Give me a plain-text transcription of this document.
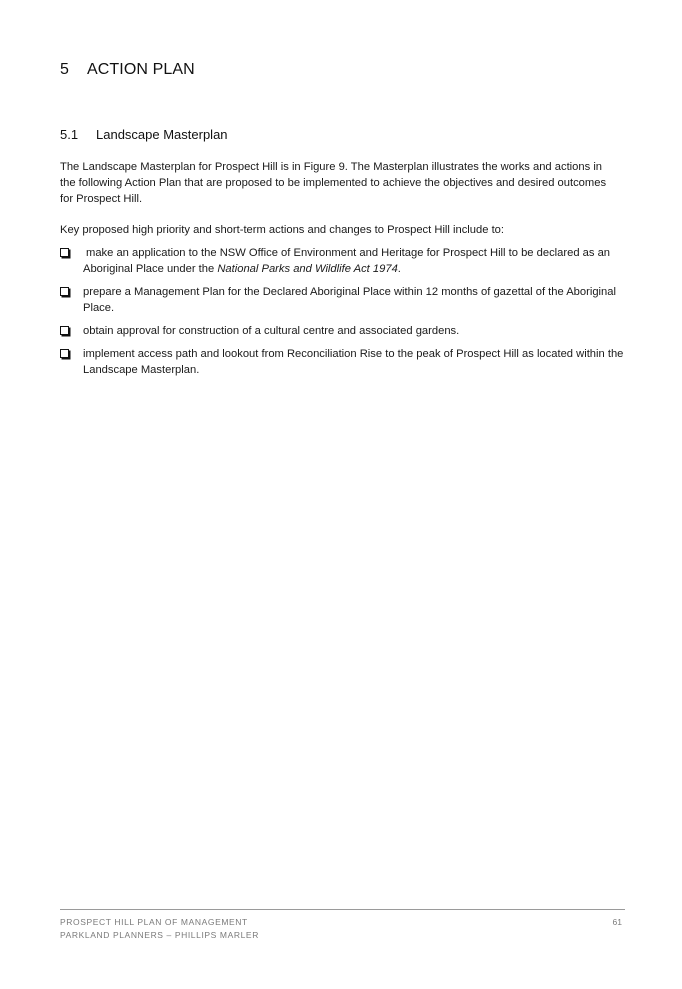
5 ACTION PLAN
5.1 Landscape Masterplan

The Landscape Masterplan for Prospect Hill is in Figure 9. The Masterplan illustrates the works and actions in the following Action Plan that are proposed to be implemented to achieve the objectives and desired outcomes for Prospect Hill.

Key proposed high priority and short-term actions and changes to Prospect Hill include to:

make an application to the NSW Office of Environment and Heritage for Prospect Hill to be declared as an Aboriginal Place under the National Parks and Wildlife Act 1974.
prepare a Management Plan for the Declared Aboriginal Place within 12 months of gazettal of the Aboriginal Place.
obtain approval for construction of a cultural centre and associated gardens.
implement access path and lookout from Reconciliation Rise to the peak of Prospect Hill as located within the Landscape Masterplan.
PROSPECT HILL PLAN OF MANAGEMENT
PARKLAND PLANNERS – PHILLIPS MARLER
61
